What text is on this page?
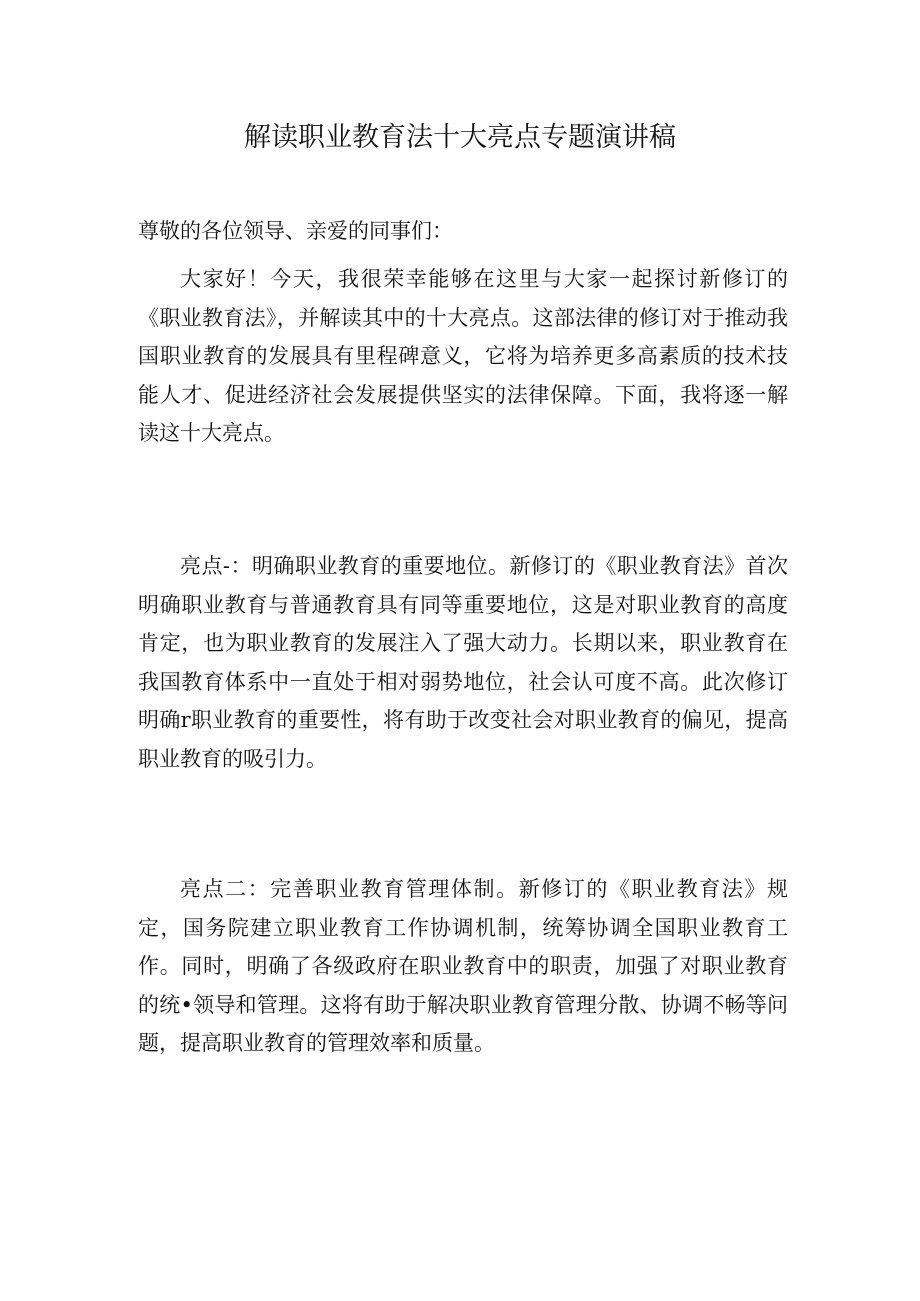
解读职业教育法十大亮点专题演讲稿

尊敬的各位领导、亲爱的同事们：

大家好！今天，我很荣幸能够在这里与大家一起探讨新修订的《职业教育法》，并解读其中的十大亮点。这部法律的修订对于推动我国职业教育的发展具有里程碑意义，它将为培养更多高素质的技术技能人才、促进经济社会发展提供坚实的法律保障。下面，我将逐一解读这十大亮点。

亮点-：明确职业教育的重要地位。新修订的《职业教育法》首次明确职业教育与普通教育具有同等重要地位，这是对职业教育的高度肯定，也为职业教育的发展注入了强大动力。长期以来，职业教育在我国教育体系中一直处于相对弱势地位，社会认可度不高。此次修订明确r职业教育的重要性，将有助于改变社会对职业教育的偏见，提高职业教育的吸引力。

亮点二：完善职业教育管理体制。新修订的《职业教育法》规定，国务院建立职业教育工作协调机制，统筹协调全国职业教育工作。同时，明确了各级政府在职业教育中的职责，加强了对职业教育的统•领导和管理。这将有助于解决职业教育管理分散、协调不畅等问题，提高职业教育的管理效率和质量。
